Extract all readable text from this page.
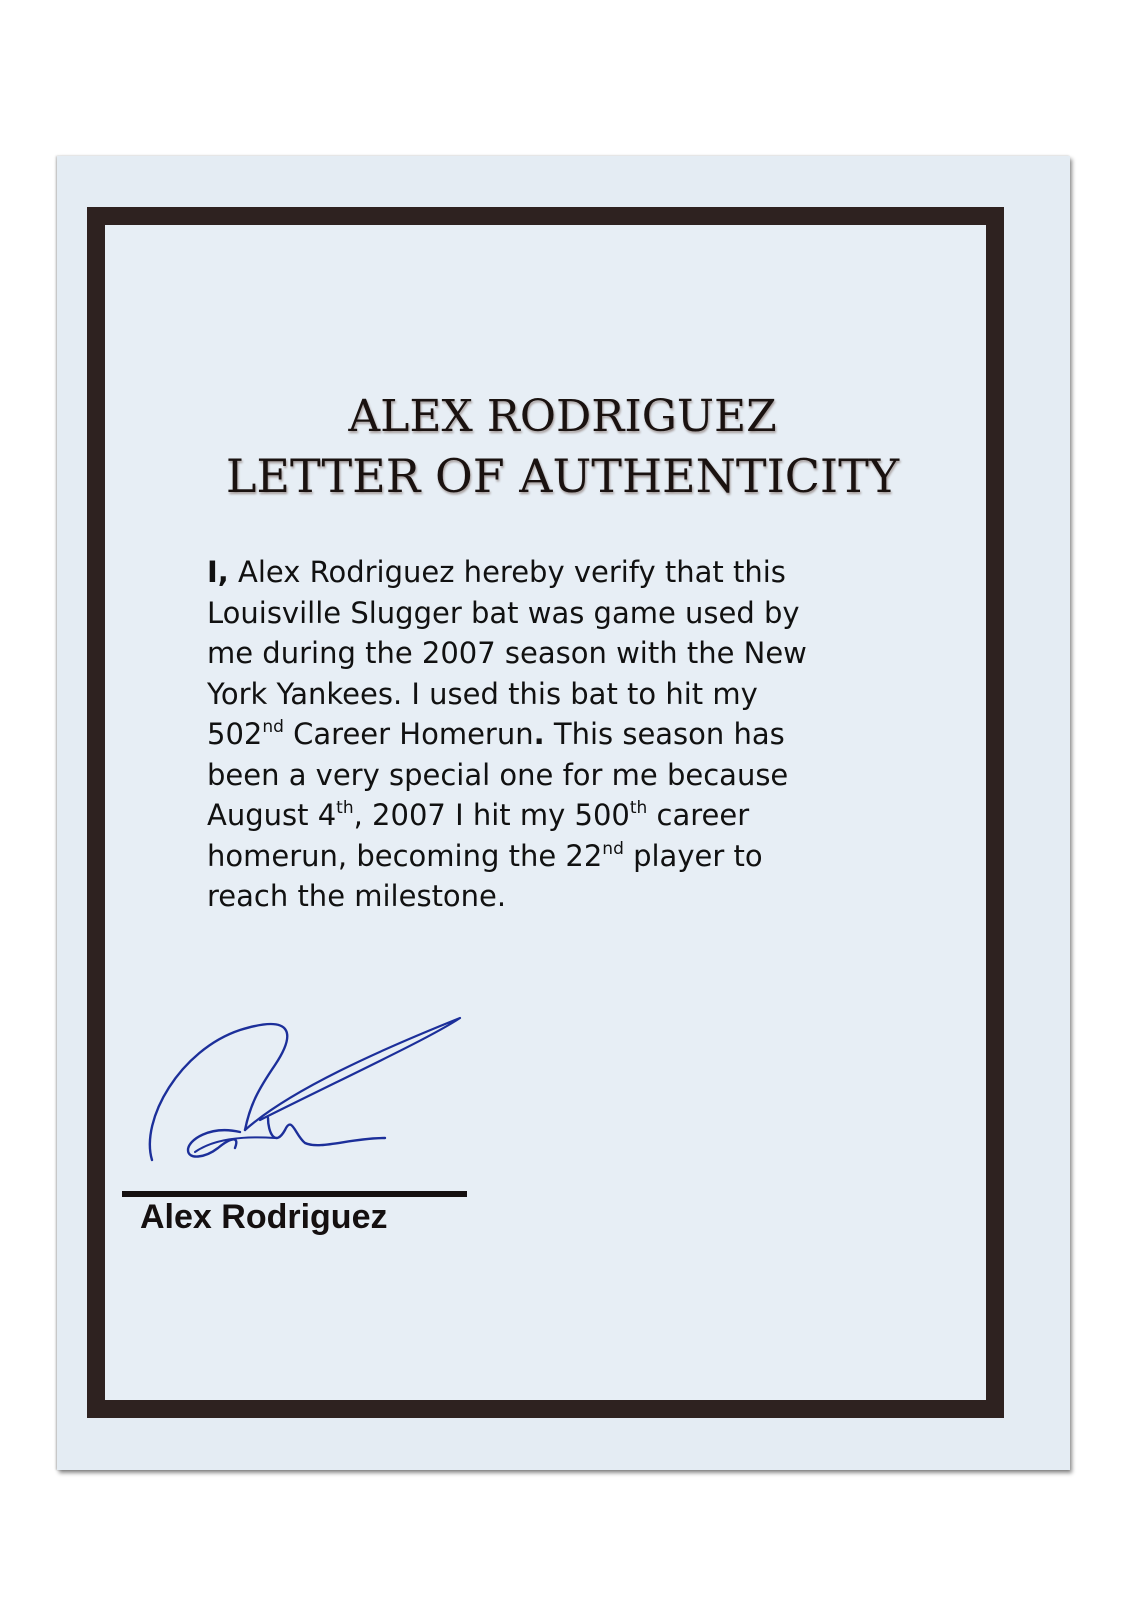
ALEX RODRIGUEZ
LETTER OF AUTHENTICITY
I, Alex Rodriguez hereby verify that this
Louisville Slugger bat was game used by
me during the 2007 season with the New
York Yankees. I used this bat to hit my
502nd Career Homerun. This season has
been a very special one for me because
August 4th, 2007 I hit my 500th career
homerun, becoming the 22nd player to
reach the milestone.
Alex Rodriguez
